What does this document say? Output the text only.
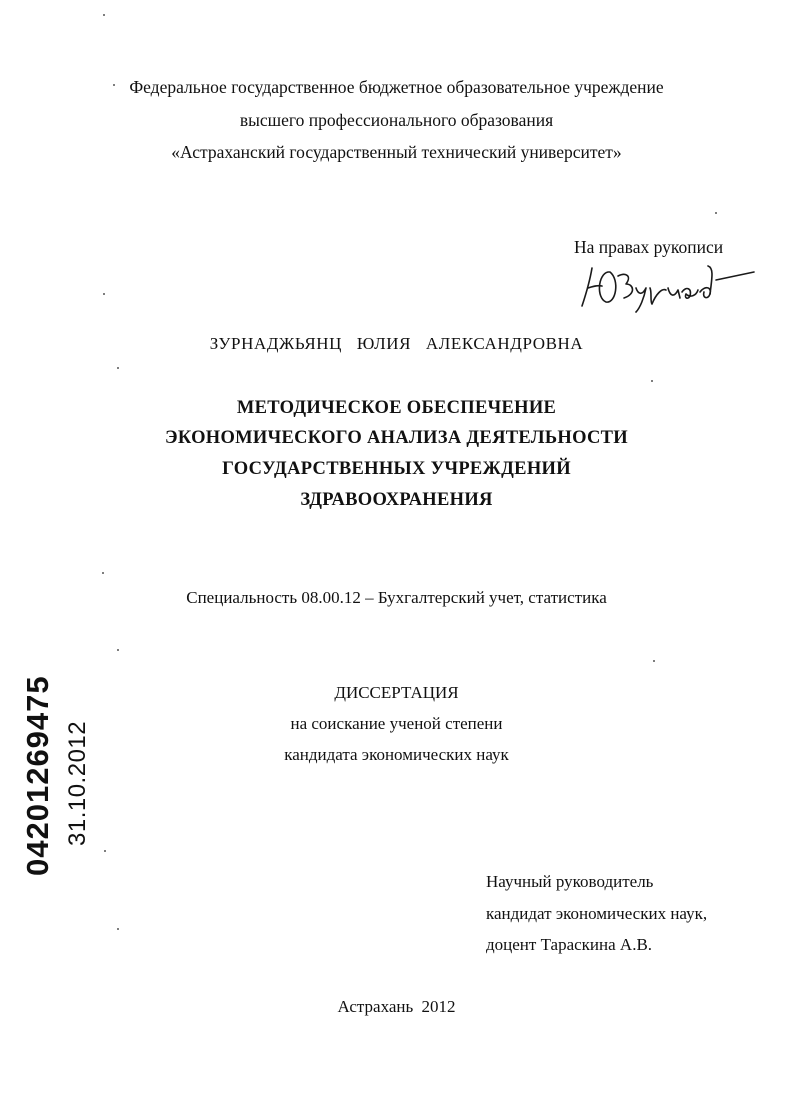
Федеральное государственное бюджетное образовательное учреждение
высшего профессионального образования
«Астраханский государственный технический университет»
На правах рукописи
ЗУРНАДЖЬЯНЦ ЮЛИЯ АЛЕКСАНДРОВНА
МЕТОДИЧЕСКОЕ ОБЕСПЕЧЕНИЕ
ЭКОНОМИЧЕСКОГО АНАЛИЗА ДЕЯТЕЛЬНОСТИ
ГОСУДАРСТВЕННЫХ УЧРЕЖДЕНИЙ
ЗДРАВООХРАНЕНИЯ
Специальность 08.00.12 – Бухгалтерский учет, статистика
ДИССЕРТАЦИЯ
на соискание ученой степени
кандидата экономических наук
Научный руководитель
кандидат экономических наук,
доцент Тараскина А.В.
Астрахань 2012
04201269475 31.10.2012
